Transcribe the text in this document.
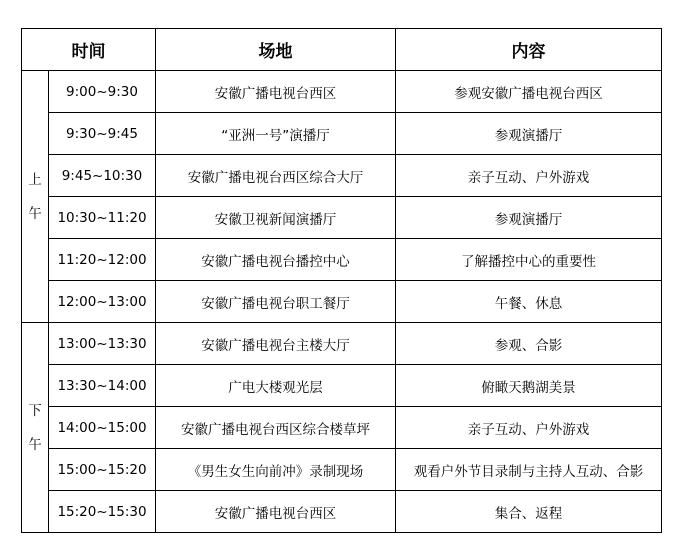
时间		场地	内容

上
午	9:00~9:30	安徽广播电视台西区	参观安徽广播电视台西区
	9:30~9:45	“亚洲一号”演播厅	参观演播厅
	9:45~10:30	安徽广播电视台西区综合大厅	亲子互动、户外游戏
	10:30~11:20	安徽卫视新闻演播厅	参观演播厅
	11:20~12:00	安徽广播电视台播控中心	了解播控中心的重要性
	12:00~13:00	安徽广播电视台职工餐厅	午餐、休息

下
午	13:00~13:30	安徽广播电视台主楼大厅	参观、合影
	13:30~14:00	广电大楼观光层	俯瞰天鹅湖美景
	14:00~15:00	安徽广播电视台西区综合楼草坪	亲子互动、户外游戏
	15:00~15:20	《男生女生向前冲》录制现场	观看户外节目录制与主持人互动、合影
	15:20~15:30	安徽广播电视台西区	集合、返程
